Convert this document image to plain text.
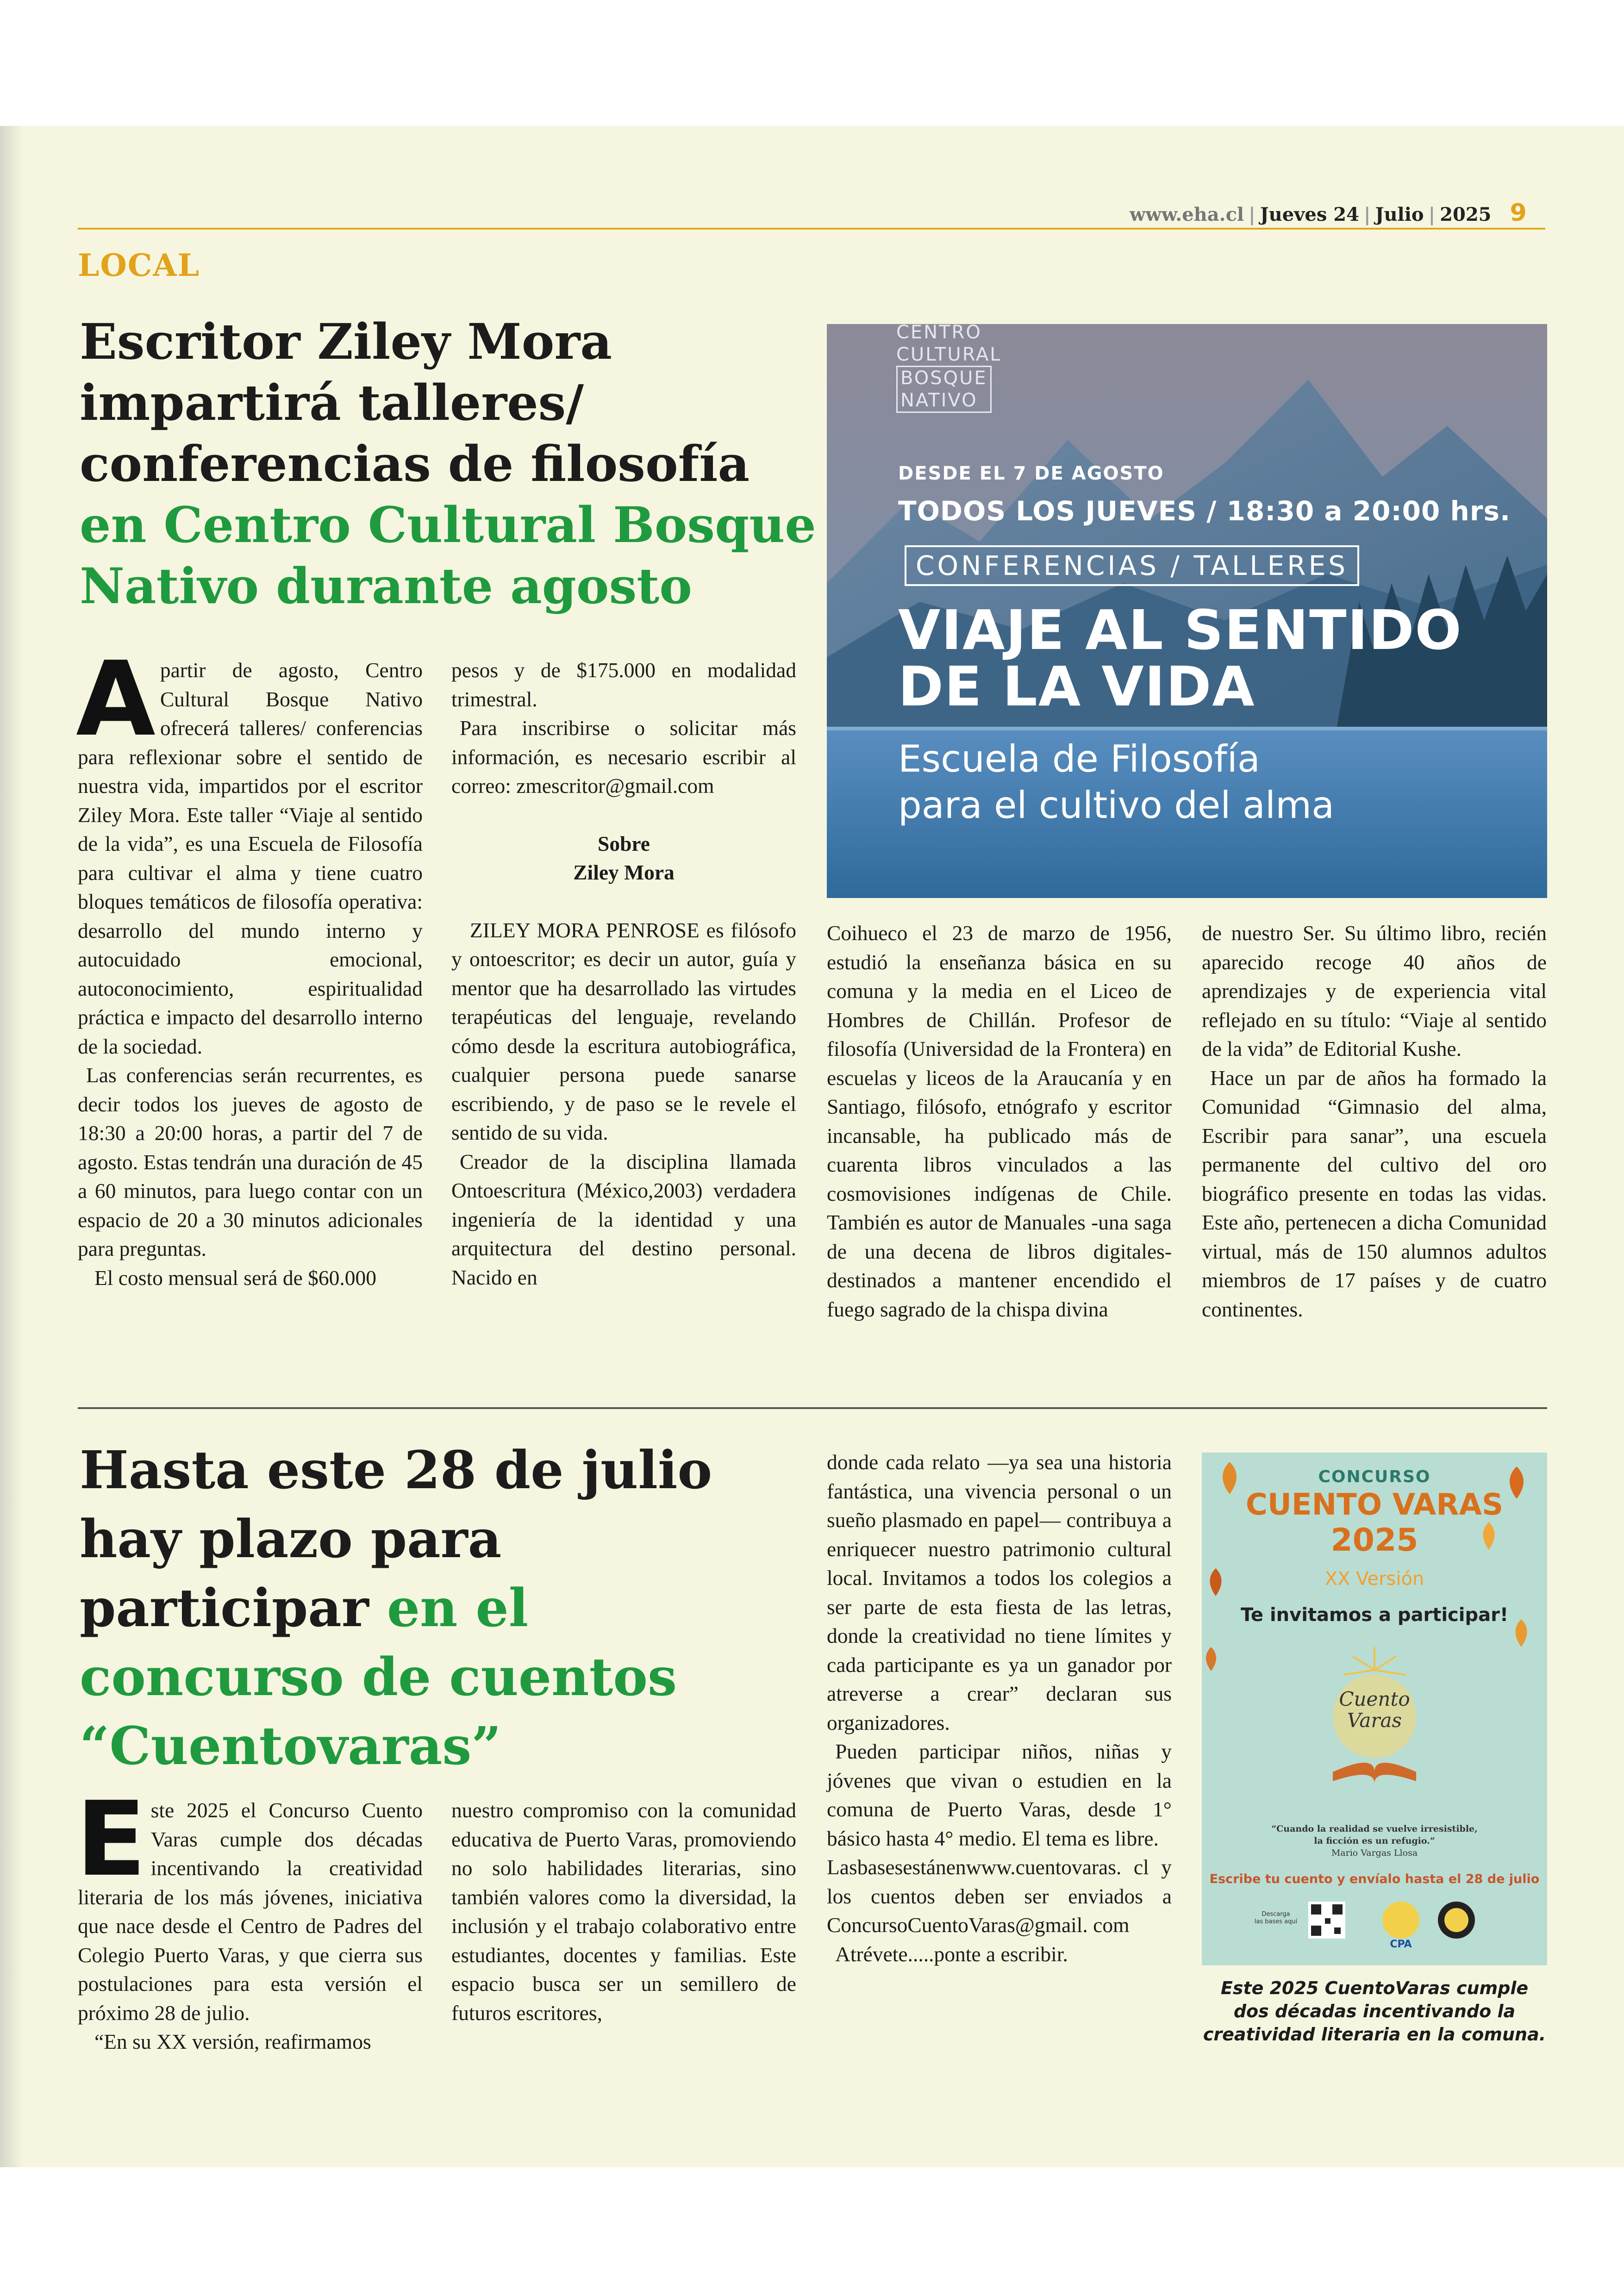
www.eha.cl | Jueves 24 | Julio | 2025 9
LOCAL
Escritor Ziley Mora impartirá talleres/ conferencias de filosofía en Centro Cultural Bosque Nativo durante agosto

Apartir de agosto, Centro Cultural Bosque Nativo ofrecerá talleres/ conferencias para reflexionar sobre el sentido de nuestra vida, impartidos por el escritor Ziley Mora. Este taller “Viaje al sentido de la vida”, es una Escuela de Filosofía para cultivar el alma y tiene cuatro bloques temáticos de filosofía operativa: desarrollo del mundo interno y autocuidado emocional, autoconocimiento, espiritualidad práctica e impacto del desarrollo interno de la sociedad.

Las conferencias serán recurrentes, es decir todos los jueves de agosto de 18:30 a 20:00 horas, a partir del 7 de agosto. Estas tendrán una duración de 45 a 60 minutos, para luego contar con un espacio de 20 a 30 minutos adicionales para preguntas.

El costo mensual será de $60.000

pesos y de $175.000 en modalidad trimestral.

Para inscribirse o solicitar más información, es necesario escribir al correo: zmescritor@gmail.com

Sobre

Ziley Mora

ZILEY MORA PENROSE es filósofo y ontoescritor; es decir un autor, guía y mentor que ha desarrollado las virtudes terapéuticas del lenguaje, revelando cómo desde la escritura autobiográfica, cualquier persona puede sanarse escribiendo, y de paso se le revele el sentido de su vida.

Creador de la disciplina llamada Ontoescritura (México,2003) verdadera ingeniería de la identidad y una arquitectura del destino personal. Nacido en

Coihueco el 23 de marzo de 1956, estudió la enseñanza básica en su comuna y la media en el Liceo de Hombres de Chillán. Profesor de filosofía (Universidad de la Frontera) en escuelas y liceos de la Araucanía y en Santiago, filósofo, etnógrafo y escritor incansable, ha publicado más de cuarenta libros vinculados a las cosmovisiones indígenas de Chile. También es autor de Manuales -una saga de una decena de libros digitales- destinados a mantener encendido el fuego sagrado de la chispa divina

de nuestro Ser. Su último libro, recién aparecido recoge 40 años de aprendizajes y de experiencia vital reflejado en su título: “Viaje al sentido de la vida” de Editorial Kushe.

Hace un par de años ha formado la Comunidad “Gimnasio del alma, Escribir para sanar”, una escuela permanente del cultivo del oro biográfico presente en todas las vidas. Este año, pertenecen a dicha Comunidad virtual, más de 150 alumnos adultos miembros de 17 países y de cuatro continentes.

CENTRO
CULTURAL
BOSQUE
NATIVO
DESDE EL 7 DE AGOSTO
TODOS LOS JUEVES / 18:30 a 20:00 hrs.
CONFERENCIAS / TALLERES
VIAJE AL SENTIDO
DE LA VIDA
Escuela de Filosofía
para el cultivo del alma
Hasta este 28 de julio hay plazo para participar en el concurso de cuentos “Cuentovaras”

Este 2025 el Concurso Cuento Varas cumple dos décadas incentivando la creatividad literaria de los más jóvenes, iniciativa que nace desde el Centro de Padres del Colegio Puerto Varas, y que cierra sus postulaciones para esta versión el próximo 28 de julio.

“En su XX versión, reafirmamos

nuestro compromiso con la comunidad educativa de Puerto Varas, promoviendo no solo habilidades literarias, sino también valores como la diversidad, la inclusión y el trabajo colaborativo entre estudiantes, docentes y familias. Este espacio busca ser un semillero de futuros escritores,

donde cada relato —ya sea una historia fantástica, una vivencia personal o un sueño plasmado en papel— contribuya a enriquecer nuestro patrimonio cultural local. Invitamos a todos los colegios a ser parte de esta fiesta de las letras, donde la creatividad no tiene límites y cada participante es ya un ganador por atreverse a crear” declaran sus organizadores.

Pueden participar niños, niñas y jóvenes que vivan o estudien en la comuna de Puerto Varas, desde 1° básico hasta 4° medio. El tema es libre.

Lasbasesestánenwww.cuentovaras. cl y los cuentos deben ser enviados a ConcursoCuentoVaras@gmail. com

Atrévete.....ponte a escribir.

CONCURSO
CUENTO VARAS
2025
XX Versión
Te invitamos a participar!
Cuento
Varas
“Cuando la realidad se vuelve irresistible,
la ficción es un refugio.”
Mario Vargas Llosa
Escribe tu cuento y envíalo hasta el 28 de julio
Descarga
las bases aquí
CPA
Este 2025 CuentoVaras cumple dos décadas incentivando la creatividad literaria en la comuna.
